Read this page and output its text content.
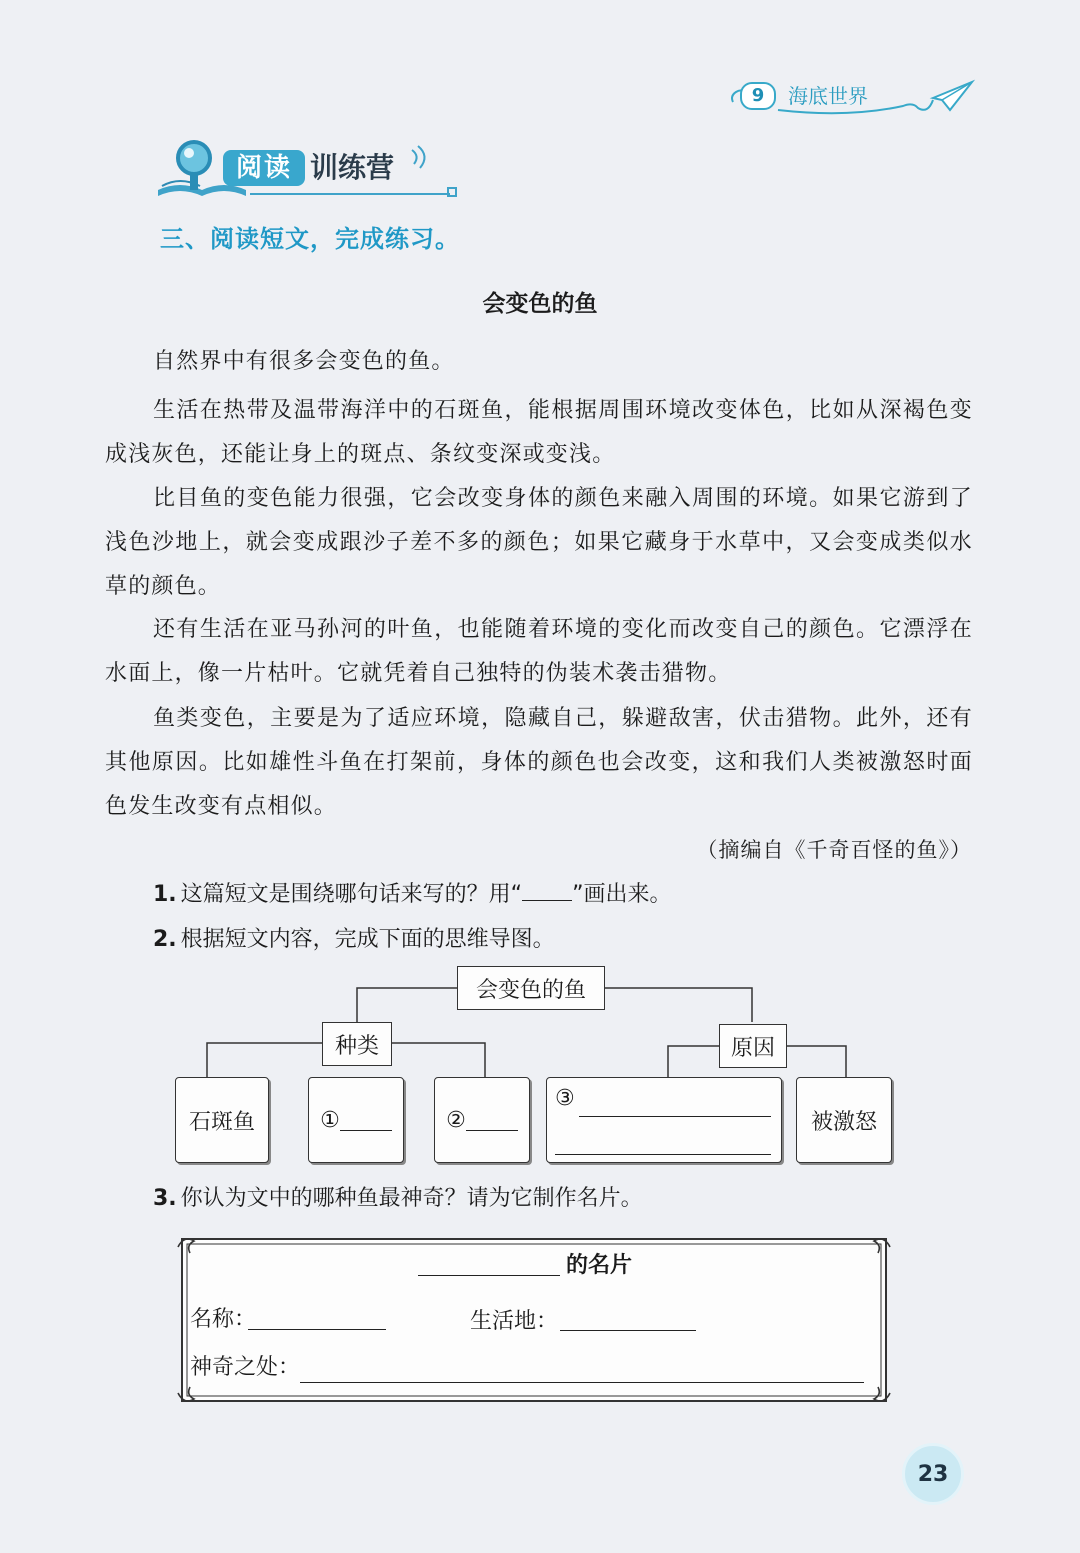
9	海底世界
阅读 训练营
三、阅读短文，完成练习。
会变色的鱼

自然界中有很多会变色的鱼。

生活在热带及温带海洋中的石斑鱼，能根据周围环境改变体色，比如从深褐色变成浅灰色，还能让身上的斑点、条纹变深或变浅。

比目鱼的变色能力很强，它会改变身体的颜色来融入周围的环境。如果它游到了浅色沙地上，就会变成跟沙子差不多的颜色；如果它藏身于水草中，又会变成类似水草的颜色。

还有生活在亚马孙河的叶鱼，也能随着环境的变化而改变自己的颜色。它漂浮在水面上，像一片枯叶。它就凭着自己独特的伪装术袭击猎物。

鱼类变色，主要是为了适应环境，隐藏自己，躲避敌害，伏击猎物。此外，还有其他原因。比如雄性斗鱼在打架前，身体的颜色也会改变，这和我们人类被激怒时面色发生改变有点相似。

（摘编自《千奇百怪的鱼》）
1. 这篇短文是围绕哪句话来写的？用“ ”画出来。
2. 根据短文内容，完成下面的思维导图。
会变色的鱼
种类	原因
石斑鱼	①	②
③
被激怒
3. 你认为文中的哪种鱼最神奇？请为它制作名片。
的名片
名称：	生活地：
神奇之处：
23
